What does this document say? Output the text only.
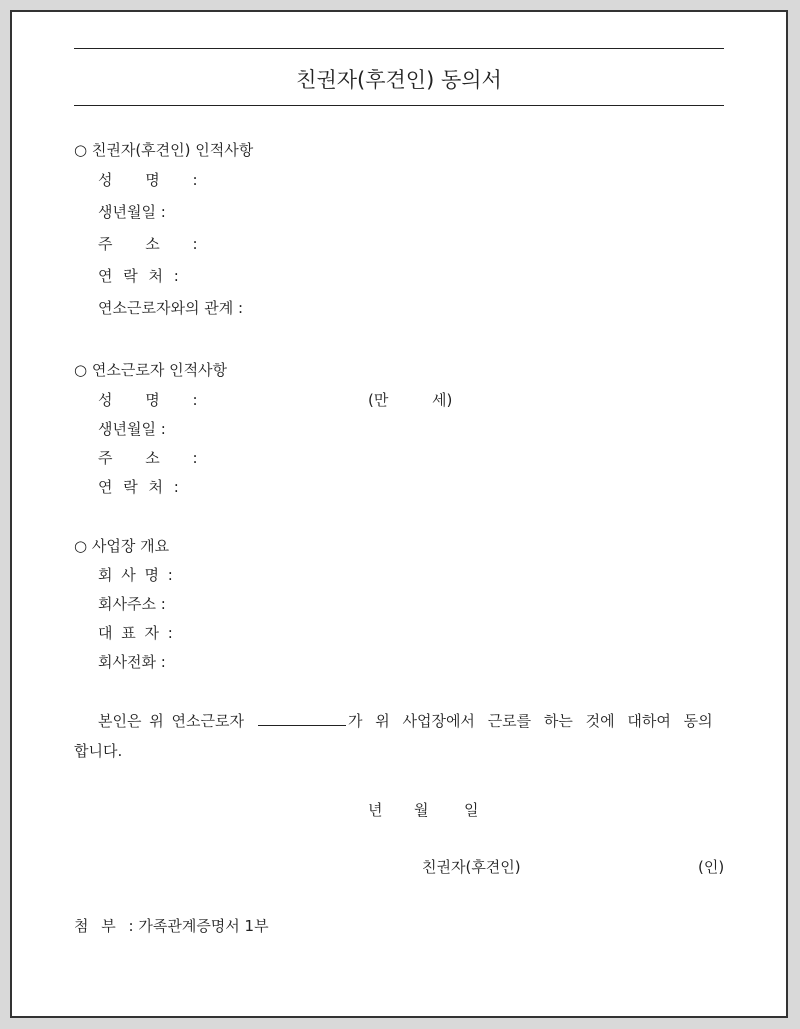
친권자(후견인) 동의서
○ 친권자(후견인) 인적사항
성 명 :
생년월일 :
주 소 :
연 락 처 :
연소근로자와의 관계 :
○ 연소근로자 인적사항
성 명 :	(만	세)
생년월일 :
주 소 :
연 락 처 :
○ 사업장 개요
회 사 명 :
회사주소 :
대 표 자 :
회사전화 :
본인은 위 연소근로자	가 위 사업장에서 근로를 하는 것에 대하여 동의
합니다.
년 월 일
친권자(후견인)	(인)
첨 부 : 가족관계증명서 1부
